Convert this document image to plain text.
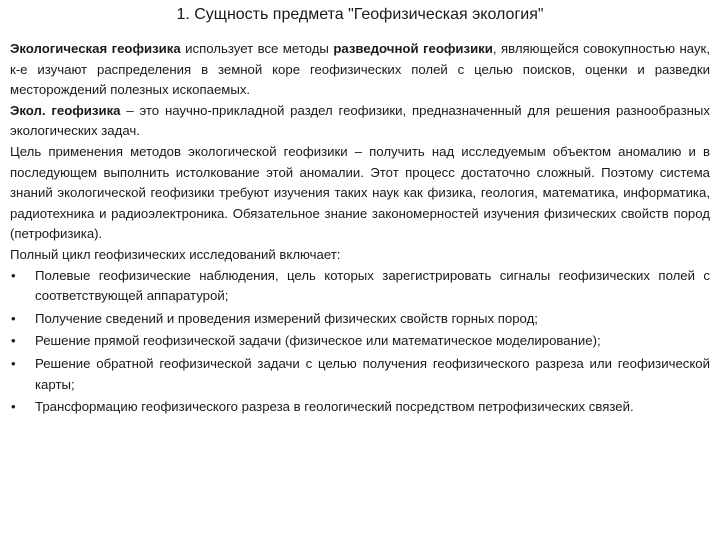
1. Сущность предмета "Геофизическая экология"

Экологическая геофизика использует все методы разведочной геофизики, являющейся совокупностью наук, к-е изучают распределения в земной коре геофизических полей с целью поисков, оценки и разведки месторождений полезных ископаемых.

Экол. геофизика – это научно-прикладной раздел геофизики, предназначенный для решения разнообразных экологических задач.

Цель применения методов экологической геофизики – получить над исследуемым объектом аномалию и в последующем выполнить истолкование этой аномалии. Этот процесс достаточно сложный. Поэтому система знаний экологической геофизики требуют изучения таких наук как физика, геология, математика, информатика, радиотехника и радиоэлектроника. Обязательное знание закономерностей изучения физических свойств пород (петрофизика).

Полный цикл геофизических исследований включает:

• Полевые геофизические наблюдения, цель которых зарегистрировать сигналы геофизических полей с соответствующей аппаратурой;
• Получение сведений и проведения измерений физических свойств горных пород;
• Решение прямой геофизической задачи (физическое или математическое моделирование);
• Решение обратной геофизической задачи с целью получения геофизического разреза или геофизической карты;
• Трансформацию геофизического разреза в геологический посредством петрофизических связей.
